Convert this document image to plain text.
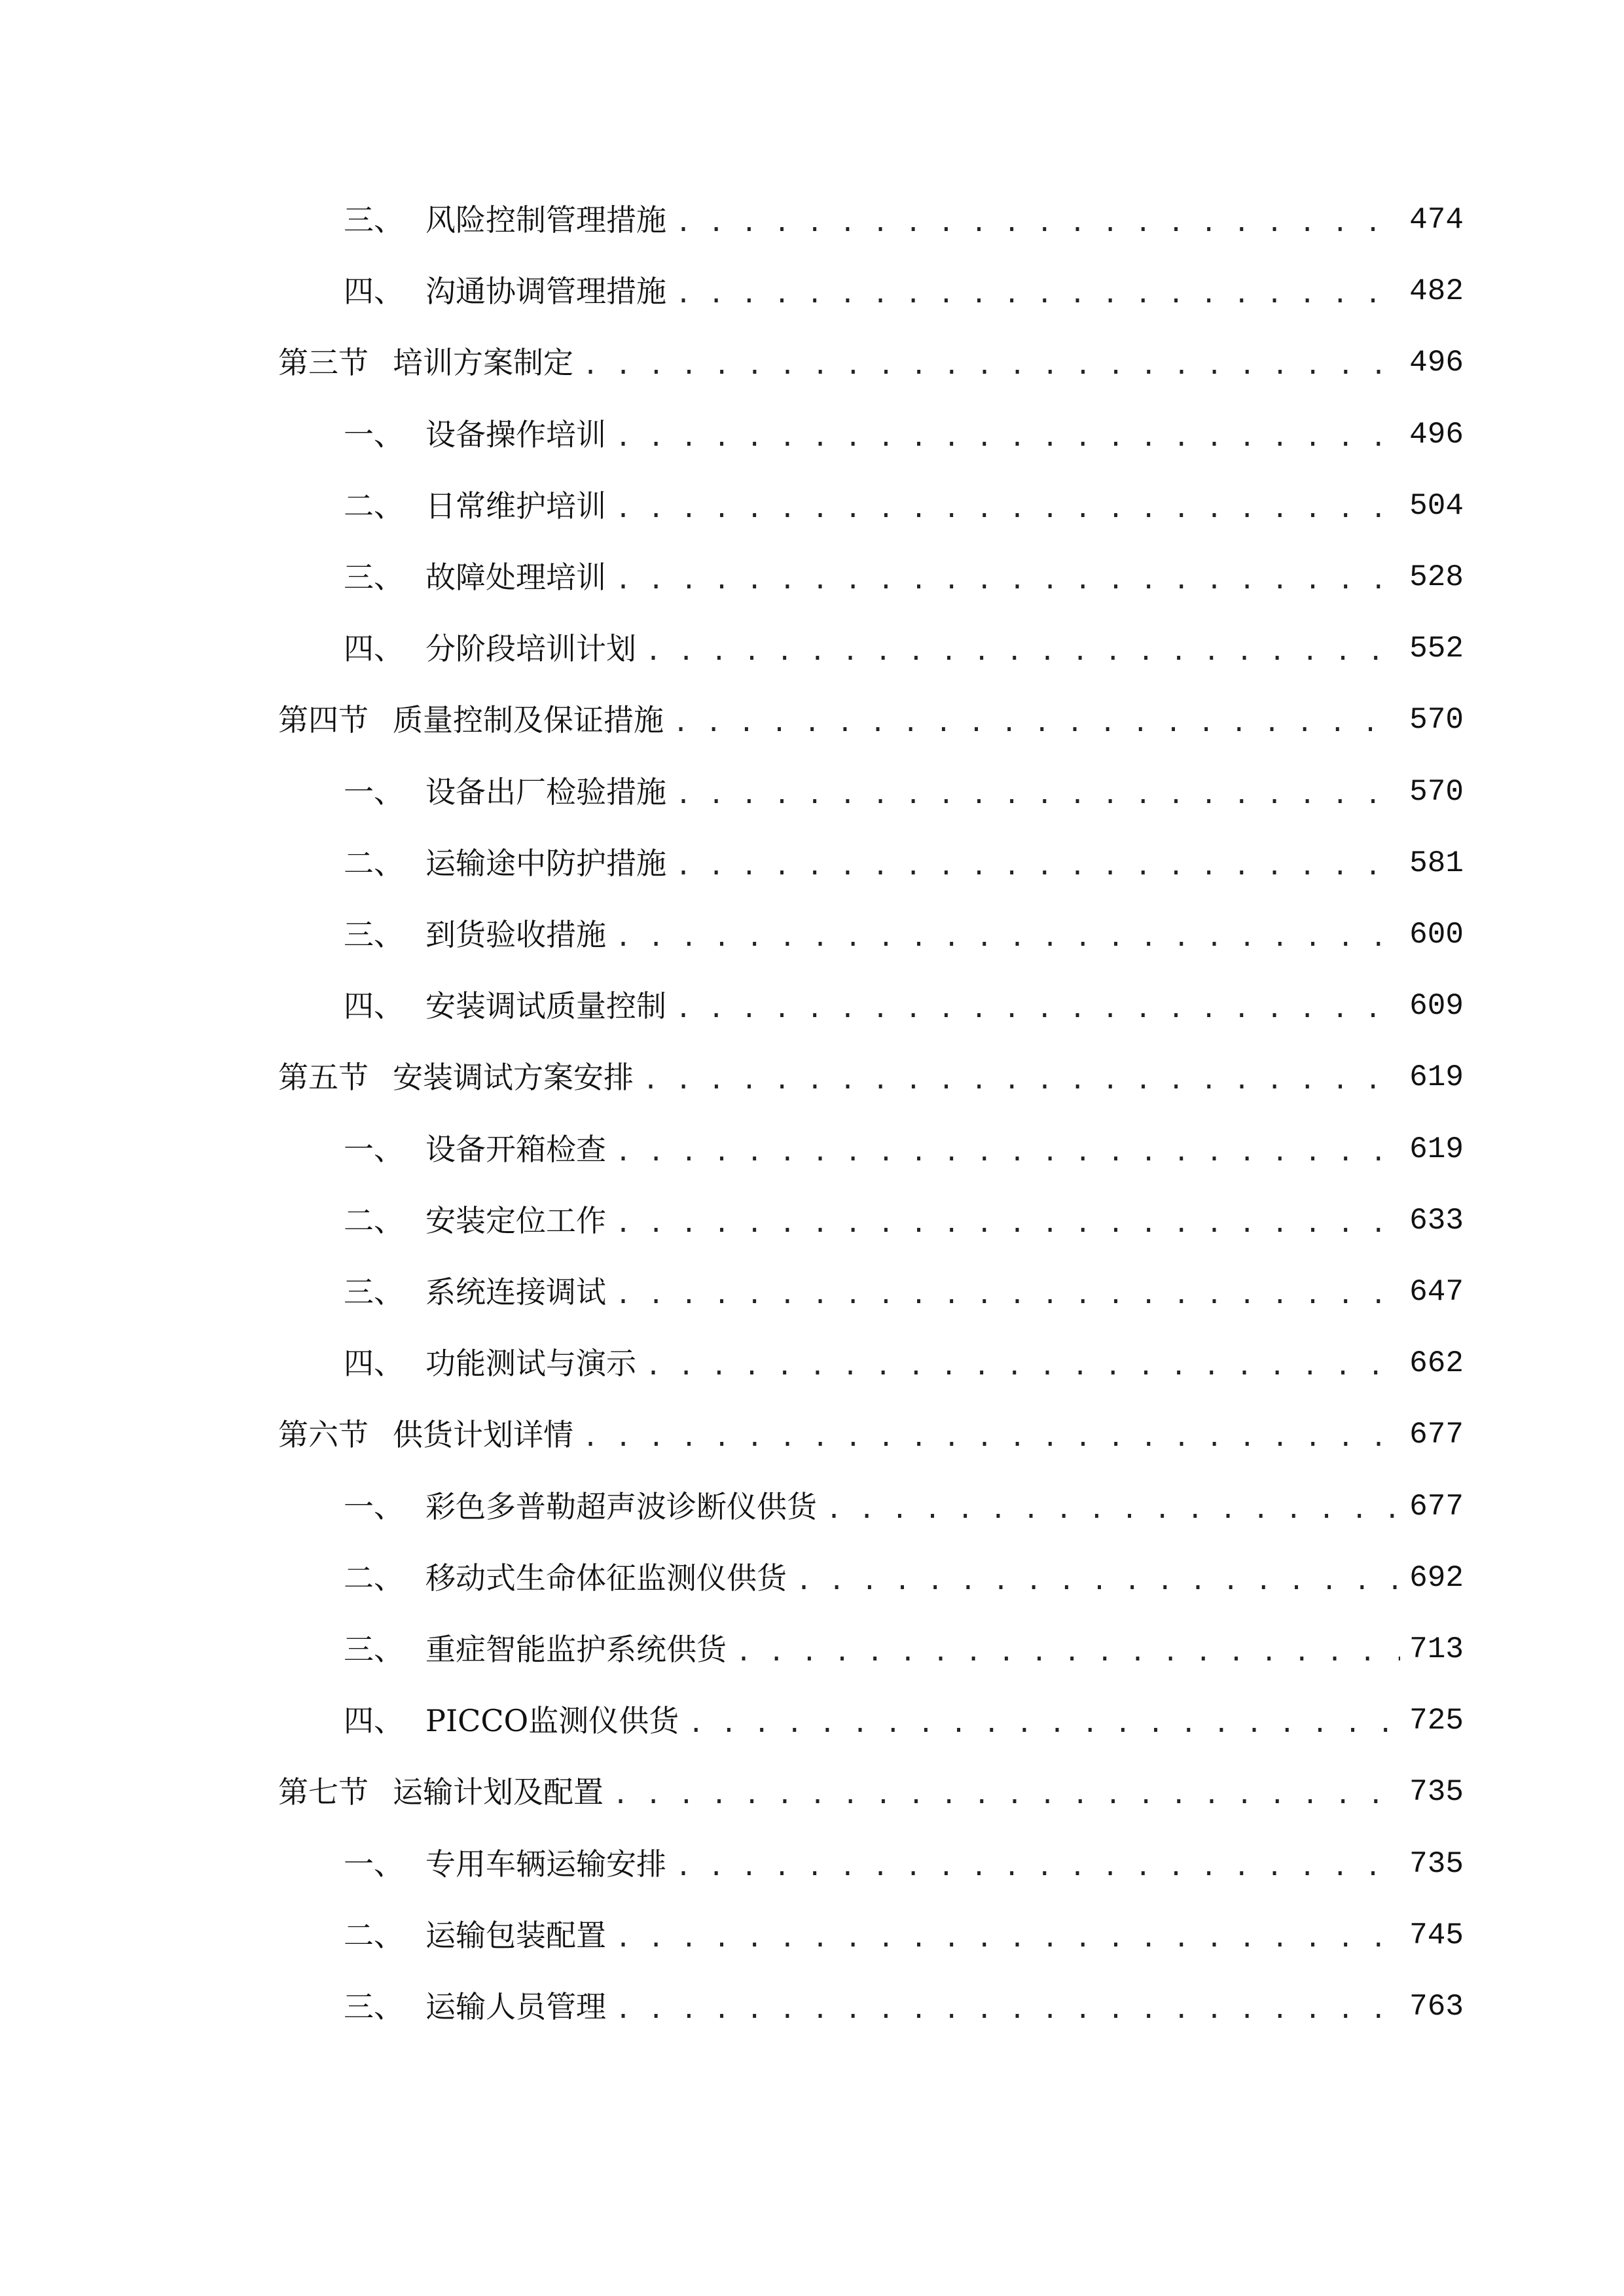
三、 风险控制管理措施 . . .	474
四、 沟通协调管理措施 . . .	482
第三节 培训方案制定 . . .	496
一、 设备操作培训 . . .	496
二、 日常维护培训 . . .	504
三、 故障处理培训 . . .	528
四、 分阶段培训计划 . . .	552
第四节 质量控制及保证措施 . . .	570
一、 设备出厂检验措施 . . .	570
二、 运输途中防护措施 . . .	581
三、 到货验收措施 . . .	600
四、 安装调试质量控制 . . .	609
第五节 安装调试方案安排 . . .	619
一、 设备开箱检查 . . .	619
二、 安装定位工作 . . .	633
三、 系统连接调试 . . .	647
四、 功能测试与演示 . . .	662
第六节 供货计划详情 . . .	677
一、 彩色多普勒超声波诊断仪供货 . . .	677
二、 移动式生命体征监测仪供货 . . .	692
三、 重症智能监护系统供货 . . .	713
四、 PICCO监测仪供货 . . .	725
第七节 运输计划及配置 . . .	735
一、 专用车辆运输安排 . . .	735
二、 运输包装配置 . . .	745
三、 运输人员管理 . . .	763
